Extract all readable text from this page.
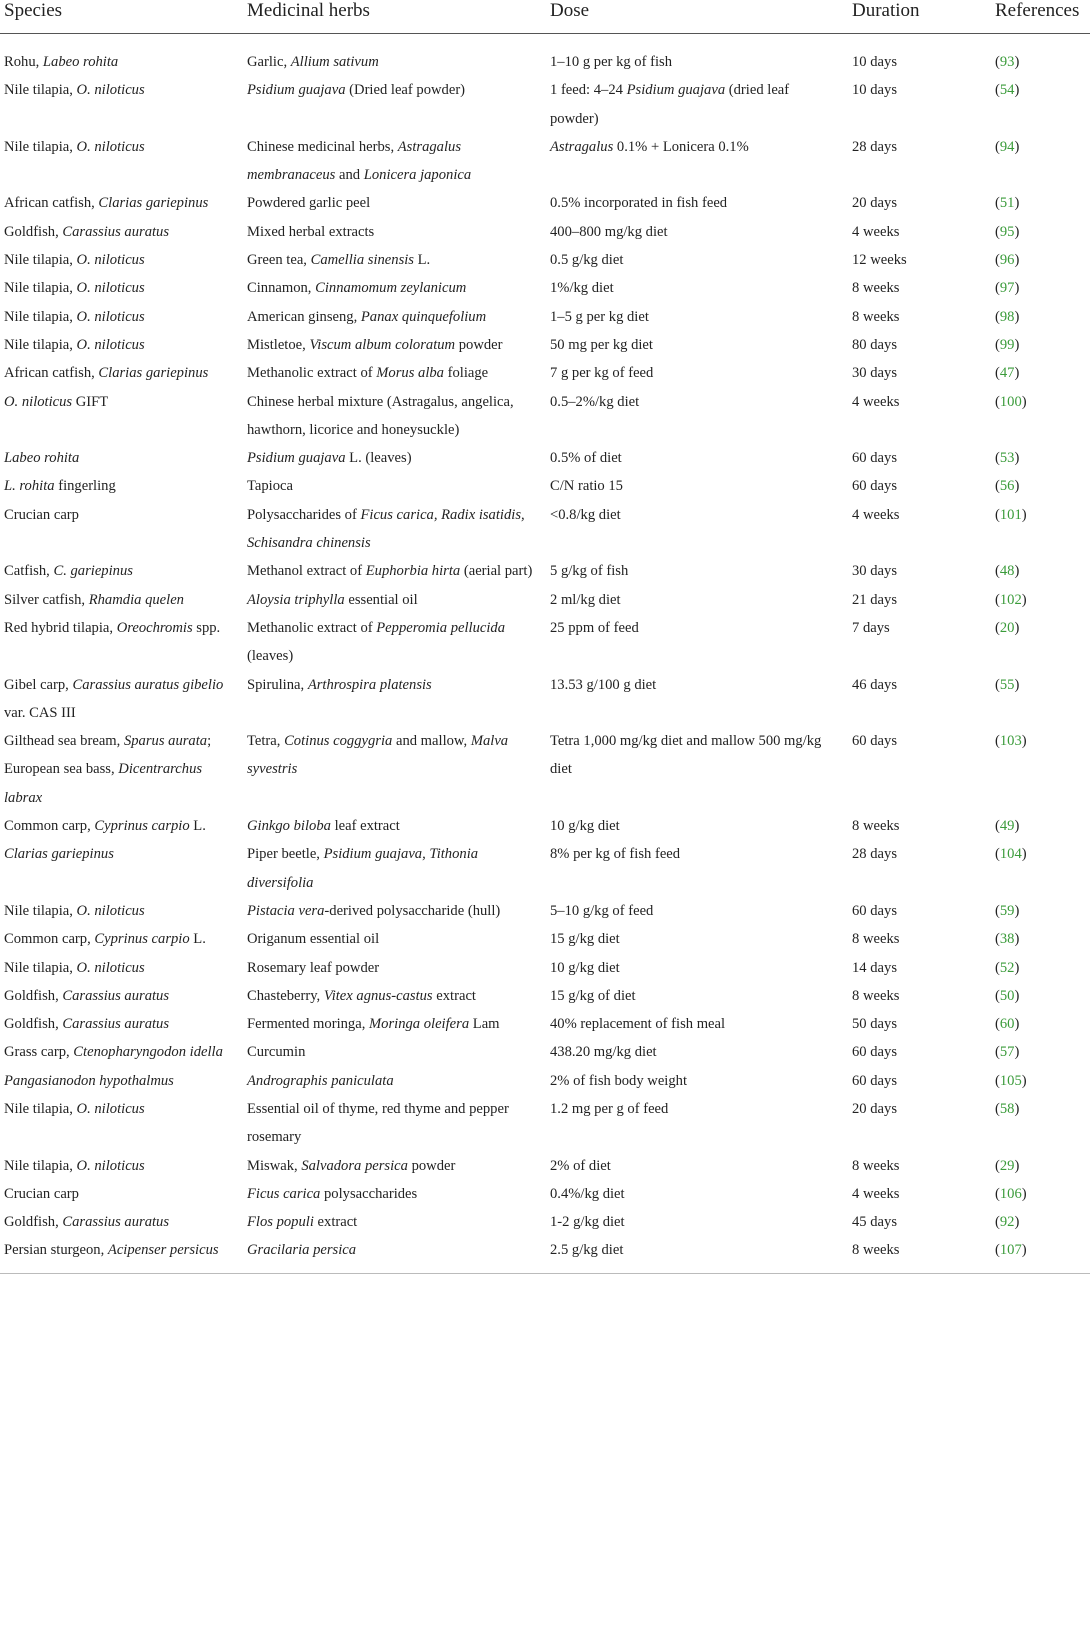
Species	Medicinal herbs	Dose	Duration	References
Rohu, Labeo rohita	Garlic, Allium sativum	1–10 g per kg of fish	10 days	(93)
Nile tilapia, O. niloticus	Psidium guajava (Dried leaf powder)	1 feed: 4–24 Psidium guajava (dried leaf powder)	10 days	(54)
Nile tilapia, O. niloticus	Chinese medicinal herbs, Astragalus membranaceus and Lonicera japonica	Astragalus 0.1% + Lonicera 0.1%	28 days	(94)
African catfish, Clarias gariepinus	Powdered garlic peel	0.5% incorporated in fish feed	20 days	(51)
Goldfish, Carassius auratus	Mixed herbal extracts	400–800 mg/kg diet	4 weeks	(95)
Nile tilapia, O. niloticus	Green tea, Camellia sinensis L.	0.5 g/kg diet	12 weeks	(96)
Nile tilapia, O. niloticus	Cinnamon, Cinnamomum zeylanicum	1%/kg diet	8 weeks	(97)
Nile tilapia, O. niloticus	American ginseng, Panax quinquefolium	1–5 g per kg diet	8 weeks	(98)
Nile tilapia, O. niloticus	Mistletoe, Viscum album coloratum powder	50 mg per kg diet	80 days	(99)
African catfish, Clarias gariepinus	Methanolic extract of Morus alba foliage	7 g per kg of feed	30 days	(47)
O. niloticus GIFT	Chinese herbal mixture (Astragalus, angelica, hawthorn, licorice and honeysuckle)	0.5–2%/kg diet	4 weeks	(100)
Labeo rohita	Psidium guajava L. (leaves)	0.5% of diet	60 days	(53)
L. rohita fingerling	Tapioca	C/N ratio 15	60 days	(56)
Crucian carp	Polysaccharides of Ficus carica, Radix isatidis, Schisandra chinensis	<0.8/kg diet	4 weeks	(101)
Catfish, C. gariepinus	Methanol extract of Euphorbia hirta (aerial part)	5 g/kg of fish	30 days	(48)
Silver catfish, Rhamdia quelen	Aloysia triphylla essential oil	2 ml/kg diet	21 days	(102)
Red hybrid tilapia, Oreochromis spp.	Methanolic extract of Pepperomia pellucida (leaves)	25 ppm of feed	7 days	(20)
Gibel carp, Carassius auratus gibelio var. CAS III	Spirulina, Arthrospira platensis	13.53 g/100 g diet	46 days	(55)
Gilthead sea bream, Sparus aurata; European sea bass, Dicentrarchus labrax	Tetra, Cotinus coggygria and mallow, Malva syvestris	Tetra 1,000 mg/kg diet and mallow 500 mg/kg diet	60 days	(103)
Common carp, Cyprinus carpio L.	Ginkgo biloba leaf extract	10 g/kg diet	8 weeks	(49)
Clarias gariepinus	Piper beetle, Psidium guajava, Tithonia diversifolia	8% per kg of fish feed	28 days	(104)
Nile tilapia, O. niloticus	Pistacia vera-derived polysaccharide (hull)	5–10 g/kg of feed	60 days	(59)
Common carp, Cyprinus carpio L.	Origanum essential oil	15 g/kg diet	8 weeks	(38)
Nile tilapia, O. niloticus	Rosemary leaf powder	10 g/kg diet	14 days	(52)
Goldfish, Carassius auratus	Chasteberry, Vitex agnus-castus extract	15 g/kg of diet	8 weeks	(50)
Goldfish, Carassius auratus	Fermented moringa, Moringa oleifera Lam	40% replacement of fish meal	50 days	(60)
Grass carp, Ctenopharyngodon idella	Curcumin	438.20 mg/kg diet	60 days	(57)
Pangasianodon hypothalmus	Andrographis paniculata	2% of fish body weight	60 days	(105)
Nile tilapia, O. niloticus	Essential oil of thyme, red thyme and pepper rosemary	1.2 mg per g of feed	20 days	(58)
Nile tilapia, O. niloticus	Miswak, Salvadora persica powder	2% of diet	8 weeks	(29)
Crucian carp	Ficus carica polysaccharides	0.4%/kg diet	4 weeks	(106)
Goldfish, Carassius auratus	Flos populi extract	1-2 g/kg diet	45 days	(92)
Persian sturgeon, Acipenser persicus	Gracilaria persica	2.5 g/kg diet	8 weeks	(107)
